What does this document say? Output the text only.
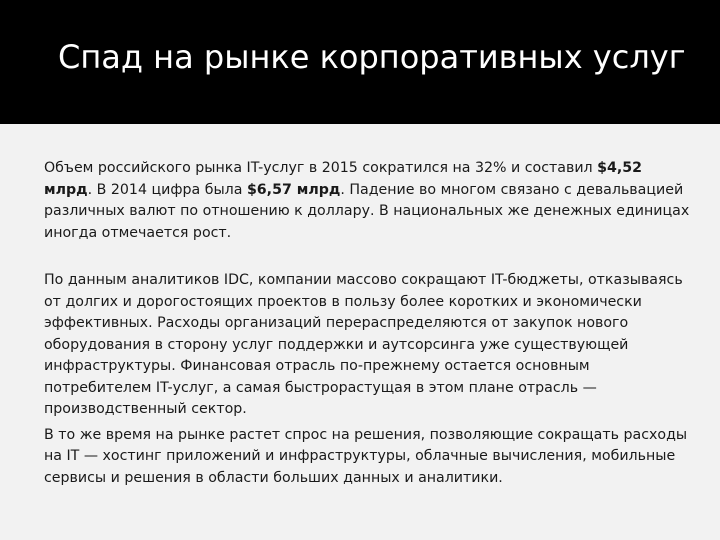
Спад на рынке корпоративных услуг

Объем российского рынка IT-услуг в 2015 сократился на 32% и составил $4,52 млрд. В 2014 цифра была $6,57 млрд. Падение во многом связано с девальвацией различных валют по отношению к доллару. В национальных же денежных единицах иногда отмечается рост.

По данным аналитиков IDC, компании массово сокращают IT-бюджеты, отказываясь от долгих и дорогостоящих проектов в пользу более коротких и экономически эффективных. Расходы организаций перераспределяются от закупок нового оборудования в сторону услуг поддержки и аутсорсинга уже существующей инфраструктуры. Финансовая отрасль по-прежнему остается основным потребителем IT-услуг, а самая быстрорастущая в этом плане отрасль — производственный сектор.

В то же время на рынке растет спрос на решения, позволяющие сокращать расходы на IT — хостинг приложений и инфраструктуры, облачные вычисления, мобильные сервисы и решения в области больших данных и аналитики.
